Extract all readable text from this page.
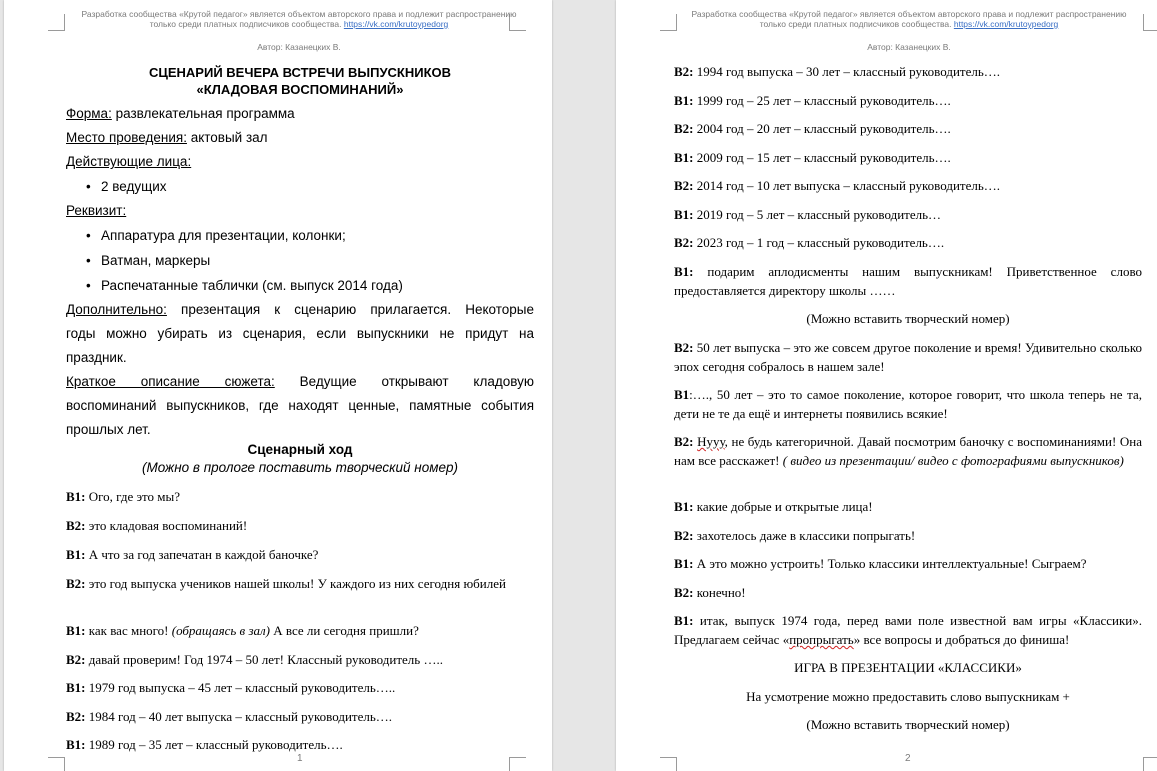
Разработка сообщества «Крутой педагог» является объектом авторского права и подлежит распространению
только среди платных подписчиков сообщества. https://vk.com/krutoypedorg
Автор: Казанецких В.
СЦЕНАРИЙ ВЕЧЕРА ВСТРЕЧИ ВЫПУСКНИКОВ
«КЛАДОВАЯ ВОСПОМИНАНИЙ»
Форма: развлекательная программа
Место проведения: актовый зал
Действующие лица:
• 2 ведущих
Реквизит:
• Аппаратура для презентации, колонки;
• Ватман, маркеры
• Распечатанные таблички (см. выпуск 2014 года)
Дополнительно: презентация к сценарию прилагается. Некоторые
годы можно убирать из сценария, если выпускники не придут на
праздник.
Краткое описание сюжета: Ведущие открывают кладовую
воспоминаний выпускников, где находят ценные, памятные события
прошлых лет.
Сценарный ход
(Можно в прологе поставить творческий номер)
В1: Ого, где это мы?
В2: это кладовая воспоминаний!
В1: А что за год запечатан в каждой баночке?
В2: это год выпуска учеников нашей школы! У каждого из них сегодня юбилей
В1: как вас много! (обращаясь в зал) А все ли сегодня пришли?
В2: давай проверим! Год 1974 – 50 лет! Классный руководитель …..
В1: 1979 год выпуска – 45 лет – классный руководитель…..
В2: 1984 год – 40 лет выпуска – классный руководитель….
В1: 1989 год – 35 лет – классный руководитель….
1
Разработка сообщества «Крутой педагог» является объектом авторского права и подлежит распространению
только среди платных подписчиков сообщества. https://vk.com/krutoypedorg
Автор: Казанецких В.
В2: 1994 год выпуска – 30 лет – классный руководитель….
В1: 1999 год – 25 лет – классный руководитель….
В2: 2004 год – 20 лет – классный руководитель….
В1: 2009 год – 15 лет – классный руководитель….
В2: 2014 год – 10 лет выпуска – классный руководитель….
В1: 2019 год – 5 лет – классный руководитель…
В2: 2023 год – 1 год – классный руководитель….
В1: подарим аплодисменты нашим выпускникам! Приветственное слово предоставляется директору школы ……
(Можно вставить творческий номер)
В2: 50 лет выпуска – это же совсем другое поколение и время! Удивительно сколько эпох сегодня собралось в нашем зале!
В1:…., 50 лет – это то самое поколение, которое говорит, что школа теперь не та, дети не те да ещё и интернеты появились всякие!
В2: Нууу, не будь категоричной. Давай посмотрим баночку с воспоминаниями! Она нам все расскажет! ( видео из презентации/ видео с фотографиями выпускников)
В1: какие добрые и открытые лица!
В2: захотелось даже в классики попрыгать!
В1: А это можно устроить! Только классики интеллектуальные! Сыграем?
В2: конечно!
В1: итак, выпуск 1974 года, перед вами поле известной вам игры «Классики». Предлагаем сейчас «пропрыгать» все вопросы и добраться до финиша!
ИГРА В ПРЕЗЕНТАЦИИ «КЛАССИКИ»
На усмотрение можно предоставить слово выпускникам +
(Можно вставить творческий номер)
2
